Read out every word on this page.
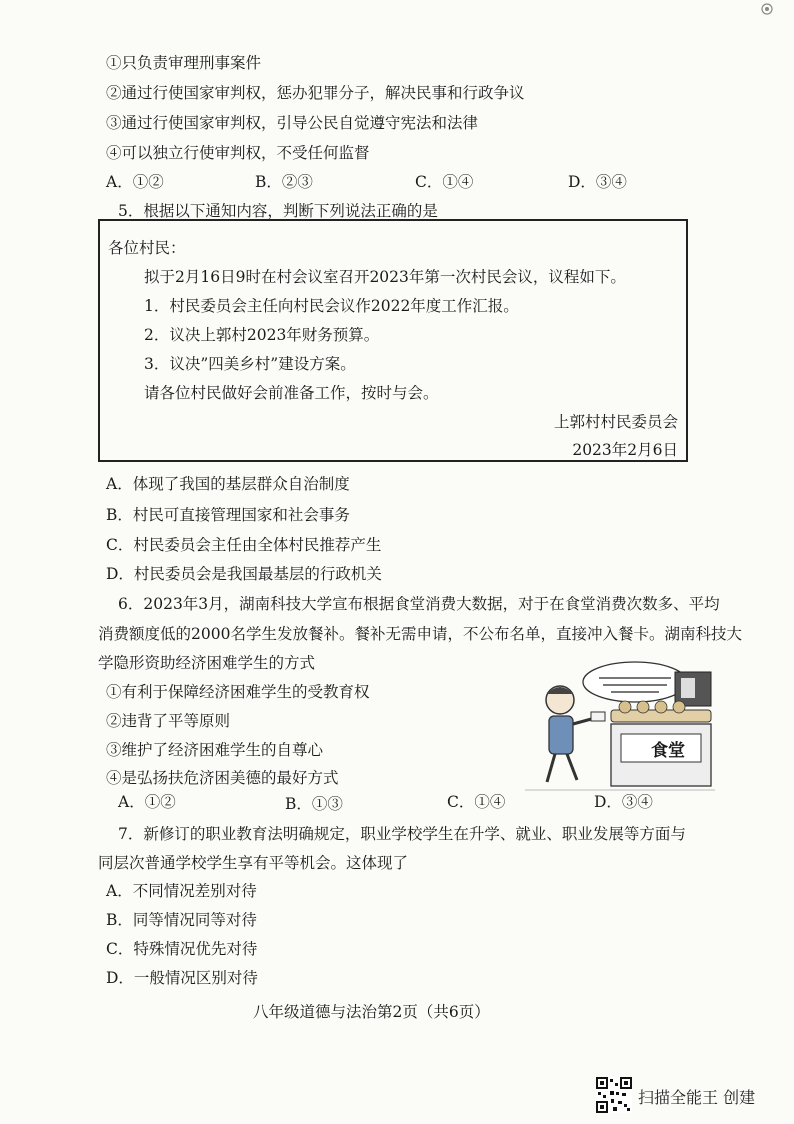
①只负责审理刑事案件
②通过行使国家审判权，惩办犯罪分子，解决民事和行政争议
③通过行使国家审判权，引导公民自觉遵守宪法和法律
④可以独立行使审判权，不受任何监督
A．①②	B．②③	C．①④	D．③④
5．根据以下通知内容，判断下列说法正确的是
各位村民：
拟于2月16日9时在村会议室召开2023年第一次村民会议，议程如下。
1．村民委员会主任向村民会议作2022年度工作汇报。
2．议决上郭村2023年财务预算。
3．议决”四美乡村”建设方案。
请各位村民做好会前准备工作，按时与会。
上郭村村民委员会
2023年2月6日
A．体现了我国的基层群众自治制度
B．村民可直接管理国家和社会事务
C．村民委员会主任由全体村民推荐产生
D．村民委员会是我国最基层的行政机关
6．2023年3月，湖南科技大学宣布根据食堂消费大数据，对于在食堂消费次数多、平均
消费额度低的2000名学生发放餐补。餐补无需申请，不公布名单，直接冲入餐卡。湖南科技大
学隐形资助经济困难学生的方式
①有利于保障经济困难学生的受教育权
②违背了平等原则
③维护了经济困难学生的自尊心
④是弘扬扶危济困美德的最好方式
食堂
A．①②	B．①③	C．①④	D．③④
7．新修订的职业教育法明确规定，职业学校学生在升学、就业、职业发展等方面与
同层次普通学校学生享有平等机会。这体现了
A．不同情况差别对待
B．同等情况同等对待
C．特殊情况优先对待
D．一般情况区别对待
八年级道德与法治第2页（共6页）
扫描全能王 创建
